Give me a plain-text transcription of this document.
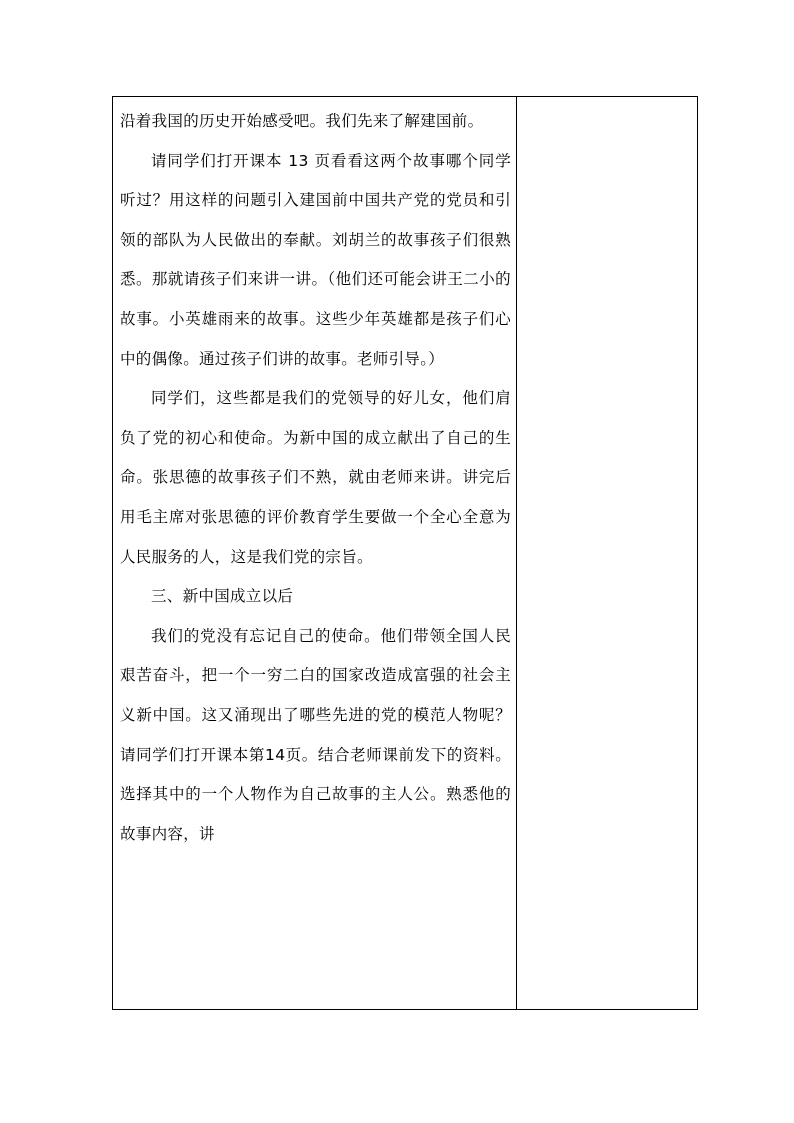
沿着我国的历史开始感受吧。我们先来了解建国前。

请同学们打开课本 13 页看看这两个故事哪个同学听过？用这样的问题引入建国前中国共产党的党员和引领的部队为人民做出的奉献。刘胡兰的故事孩子们很熟悉。那就请孩子们来讲一讲。（他们还可能会讲王二小的故事。小英雄雨来的故事。这些少年英雄都是孩子们心中的偶像。通过孩子们讲的故事。老师引导。）

同学们，这些都是我们的党领导的好儿女，他们肩负了党的初心和使命。为新中国的成立献出了自己的生命。张思德的故事孩子们不熟，就由老师来讲。讲完后用毛主席对张思德的评价教育学生要做一个全心全意为人民服务的人，这是我们党的宗旨。

三、新中国成立以后

我们的党没有忘记自己的使命。他们带领全国人民艰苦奋斗，把一个一穷二白的国家改造成富强的社会主义新中国。这又涌现出了哪些先进的党的模范人物呢？请同学们打开课本第14页。结合老师课前发下的资料。选择其中的一个人物作为自己故事的主人公。熟悉他的故事内容，讲
